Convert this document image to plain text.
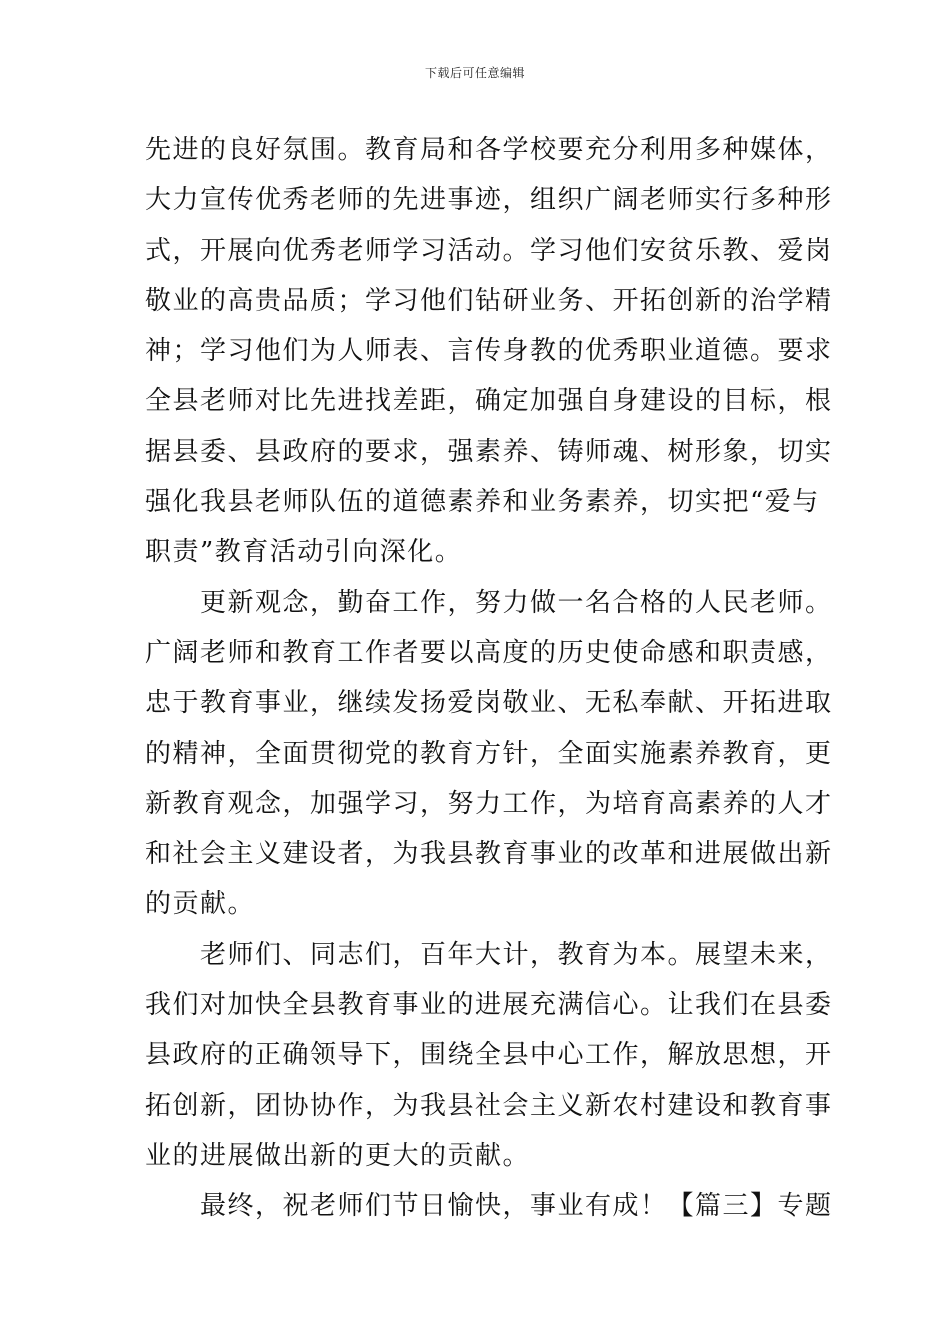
下载后可任意编辑
先进的良好氛围。教育局和各学校要充分利用多种媒体，
大力宣传优秀老师的先进事迹，组织广阔老师实行多种形
式，开展向优秀老师学习活动。学习他们安贫乐教、爱岗
敬业的高贵品质；学习他们钻研业务、开拓创新的治学精
神；学习他们为人师表、言传身教的优秀职业道德。要求
全县老师对比先进找差距，确定加强自身建设的目标，根
据县委、县政府的要求，强素养、铸师魂、树形象，切实
强化我县老师队伍的道德素养和业务素养，切实把“爱与
职责”教育活动引向深化。
更新观念，勤奋工作，努力做一名合格的人民老师。
广阔老师和教育工作者要以高度的历史使命感和职责感，
忠于教育事业，继续发扬爱岗敬业、无私奉献、开拓进取
的精神，全面贯彻党的教育方针，全面实施素养教育，更
新教育观念，加强学习，努力工作，为培育高素养的人才
和社会主义建设者，为我县教育事业的改革和进展做出新
的贡献。
老师们、同志们，百年大计，教育为本。展望未来，
我们对加快全县教育事业的进展充满信心。让我们在县委
县政府的正确领导下，围绕全县中心工作，解放思想，开
拓创新，团协协作，为我县社会主义新农村建设和教育事
业的进展做出新的更大的贡献。
最终，祝老师们节日愉快，事业有成！【篇三】专题
